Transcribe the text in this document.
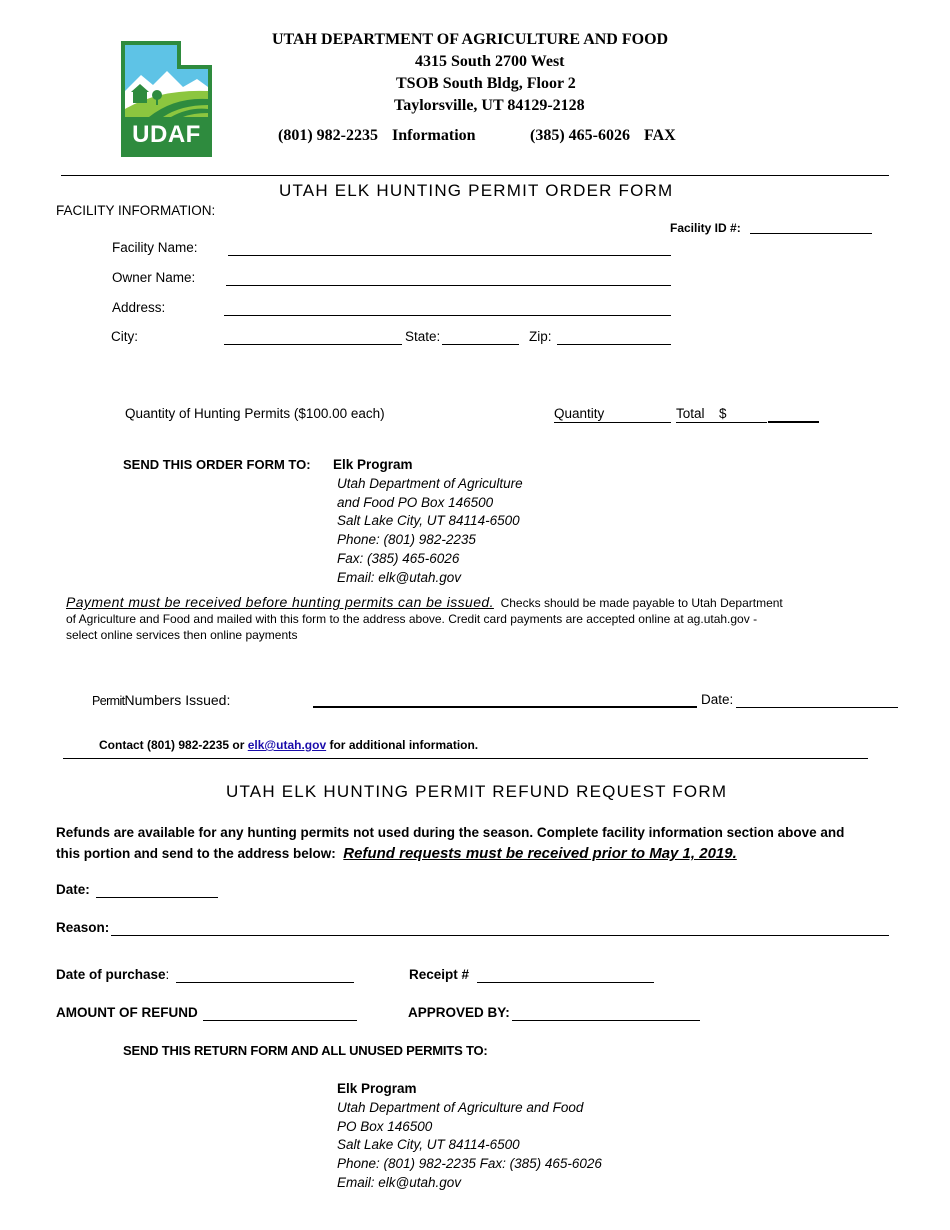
UDAF
UTAH DEPARTMENT OF AGRICULTURE AND FOOD
4315 South 2700 West
TSOB South Bldg, Floor 2
Taylorsville, UT 84129-2128
(801) 982-2235 Information	(385) 465-6026 FAX
UTAH ELK HUNTING PERMIT ORDER FORM
FACILITY INFORMATION:
Facility ID #:
Facility Name:
Owner Name:
Address:
City:	State:	Zip:
Quantity of Hunting Permits ($100.00 each)	Quantity	Total $
SEND THIS ORDER FORM TO: Elk Program
Utah Department of Agriculture
and Food PO Box 146500
Salt Lake City, UT 84114-6500
Phone: (801) 982-2235
Fax: (385) 465-6026
Email: elk@utah.gov
Payment must be received before hunting permits can be issued. Checks should be made payable to Utah Department
of Agriculture and Food and mailed with this form to the address above. Credit card payments are accepted online at ag.utah.gov -
select online services then online payments
PermitNumbers Issued:	Date:
Contact (801) 982-2235 or elk@utah.gov for additional information.
UTAH ELK HUNTING PERMIT REFUND REQUEST FORM
Refunds are available for any hunting permits not used during the season. Complete facility information section above and
this portion and send to the address below: Refund requests must be received prior to May 1, 2019.
Date:
Reason:
Date of purchase:	Receipt #
AMOUNT OF REFUND	APPROVED BY:
SEND THIS RETURN FORM AND ALL UNUSED PERMITS TO:
Elk Program
Utah Department of Agriculture and Food
PO Box 146500
Salt Lake City, UT 84114-6500
Phone: (801) 982-2235 Fax: (385) 465-6026
Email: elk@utah.gov
